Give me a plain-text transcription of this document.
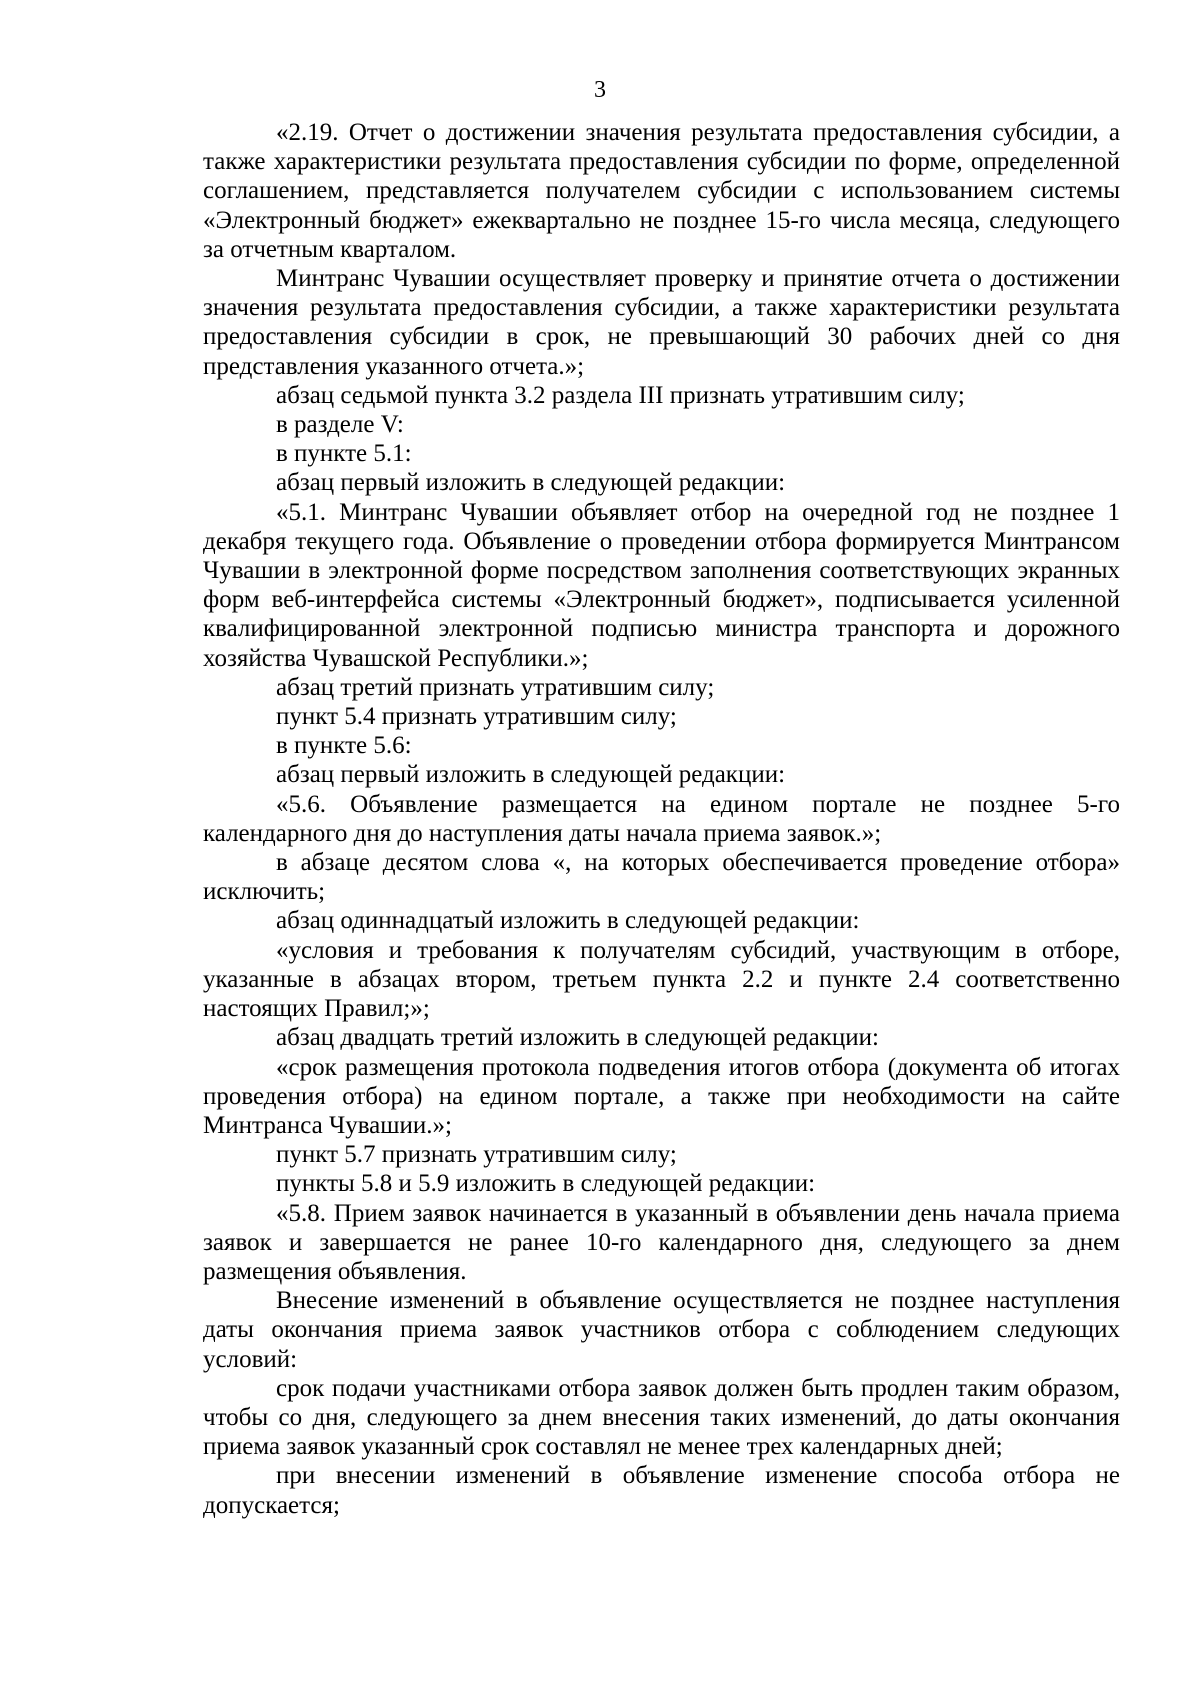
3

«2.19. Отчет о достижении значения результата предоставления субсидии, а также характеристики результата предоставления субсидии по форме, определенной соглашением, представляется получателем субсидии с использованием системы «Электронный бюджет» ежеквартально не позднее 15-го числа месяца, следующего за отчетным кварталом.

Минтранс Чувашии осуществляет проверку и принятие отчета о достижении значения результата предоставления субсидии, а также характеристики результата предоставления субсидии в срок, не превышающий 30 рабочих дней со дня представления указанного отчета.»;

абзац седьмой пункта 3.2 раздела III признать утратившим силу;

в разделе V:

в пункте 5.1:

абзац первый изложить в следующей редакции:

«5.1. Минтранс Чувашии объявляет отбор на очередной год не позднее 1 декабря текущего года. Объявление о проведении отбора формируется Минтрансом Чувашии в электронной форме посредством заполнения соответствующих экранных форм веб-интерфейса системы «Электронный бюджет», подписывается усиленной квалифицированной электронной подписью министра транспорта и дорожного хозяйства Чувашской Республики.»;

абзац третий признать утратившим силу;

пункт 5.4 признать утратившим силу;

в пункте 5.6:

абзац первый изложить в следующей редакции:

«5.6. Объявление размещается на едином портале не позднее 5-го календарного дня до наступления даты начала приема заявок.»;

в абзаце десятом слова «, на которых обеспечивается проведение отбора» исключить;

абзац одиннадцатый изложить в следующей редакции:

«условия и требования к получателям субсидий, участвующим в отборе, указанные в абзацах втором, третьем пункта 2.2 и пункте 2.4 соответственно настоящих Правил;»;

абзац двадцать третий изложить в следующей редакции:

«срок размещения протокола подведения итогов отбора (документа об итогах проведения отбора) на едином портале, а также при необходимости на сайте Минтранса Чувашии.»;

пункт 5.7 признать утратившим силу;

пункты 5.8 и 5.9 изложить в следующей редакции:

«5.8. Прием заявок начинается в указанный в объявлении день начала приема заявок и завершается не ранее 10-го календарного дня, следующего за днем размещения объявления.

Внесение изменений в объявление осуществляется не позднее наступления даты окончания приема заявок участников отбора с соблюдением следующих условий:

срок подачи участниками отбора заявок должен быть продлен таким образом, чтобы со дня, следующего за днем внесения таких изменений, до даты окончания приема заявок указанный срок составлял не менее трех календарных дней;

при внесении изменений в объявление изменение способа отбора не допускается;
